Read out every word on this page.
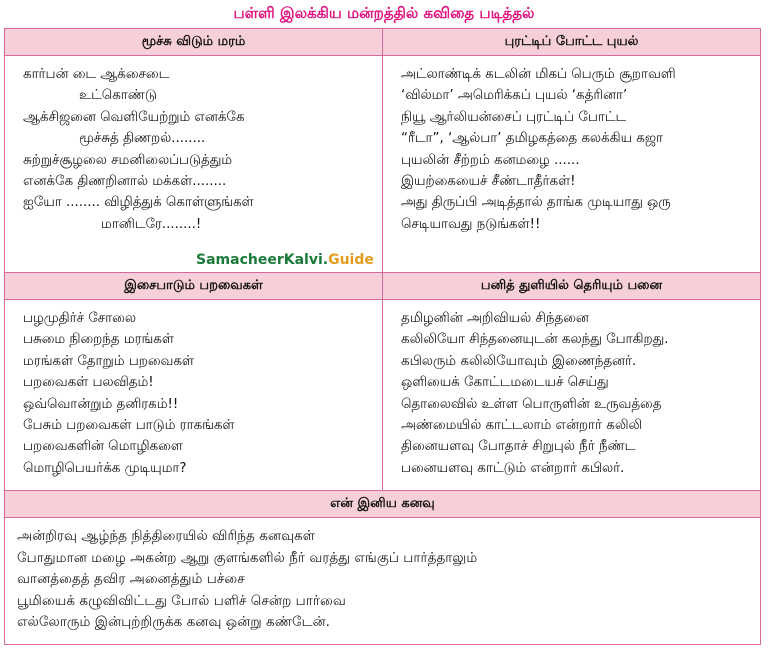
பள்ளி இலக்கிய மன்றத்தில் கவிதை படித்தல்
மூச்சு விடும் மரம்
கார்பன் டை ஆக்சைடை
உட்கொண்டு
ஆக்சிஜனை வெளியேற்றும் எனக்கே
மூச்சுத் திணறல்........
சுற்றுச்சூழலை சமனிலைப்படுத்தும்
எனக்கே திணறினால் மக்கள்........
ஐயோ ........ விழித்துக் கொள்ளுங்கள்
மானிடரே........!
புரட்டிப் போட்ட புயல்
அட்லாண்டிக் கடலின் மிகப் பெரும் சூறாவளி
‘வில்மா’ அமெரிக்கப் புயல் ‘கத்ரினா’
நியூ ஆர்லியன்சைப் புரட்டிப் போட்ட
“ரீடா”, ‘ஆல்பா’ தமிழகத்தை கலக்கிய கஜா
புயலின் சீற்றம் கனமழை ......
இயற்கையைச் சீண்டாதீர்கள்!
அது திருப்பி அடித்தால் தாங்க முடியாது ஒரு
செடியாவது நடுங்கள்!!
இசைபாடும் பறவைகள்
பழமுதிர்ச் சோலை
பசுமை நிறைந்த மரங்கள்
மரங்கள் தோறும் பறவைகள்
பறவைகள் பலவிதம்!
ஒவ்வொன்றும் தனிரகம்!!
பேசும் பறவைகள் பாடும் ராகங்கள்
பறவைகளின் மொழிகளை
மொழிபெயர்க்க முடியுமா?
பனித் துளியில் தெரியும் பனை
தமிழனின் அறிவியல் சிந்தனை
கலிலியோ சிந்தனையுடன் கலந்து போகிறது.
கபிலரும் கலிலியோவும் இணைந்தனர்.
ஒளியைக் கோட்டமடையச் செய்து
தொலைவில் உள்ள பொருளின் உருவத்தை
அண்மையில் காட்டலாம் என்றார் கலிலி
தினையளவு போதாச் சிறுபுல் நீர் நீண்ட
பனையளவு காட்டும் என்றார் கபிலர்.
என் இனிய கனவு
அன்றிரவு ஆழ்ந்த நித்திரையில் விரிந்த கனவுகள்
போதுமான மழை அகன்ற ஆறு குளங்களில் நீர் வரத்து எங்குப் பார்த்தாலும்
வானத்தைத் தவிர அனைத்தும் பச்சை
பூமியைக் கழுவிவிட்டது போல் பளிச் சென்ற பார்வை
எல்லோரும் இன்புற்றிருக்க கனவு ஒன்று கண்டேன்.
SamacheerKalvi.Guide
